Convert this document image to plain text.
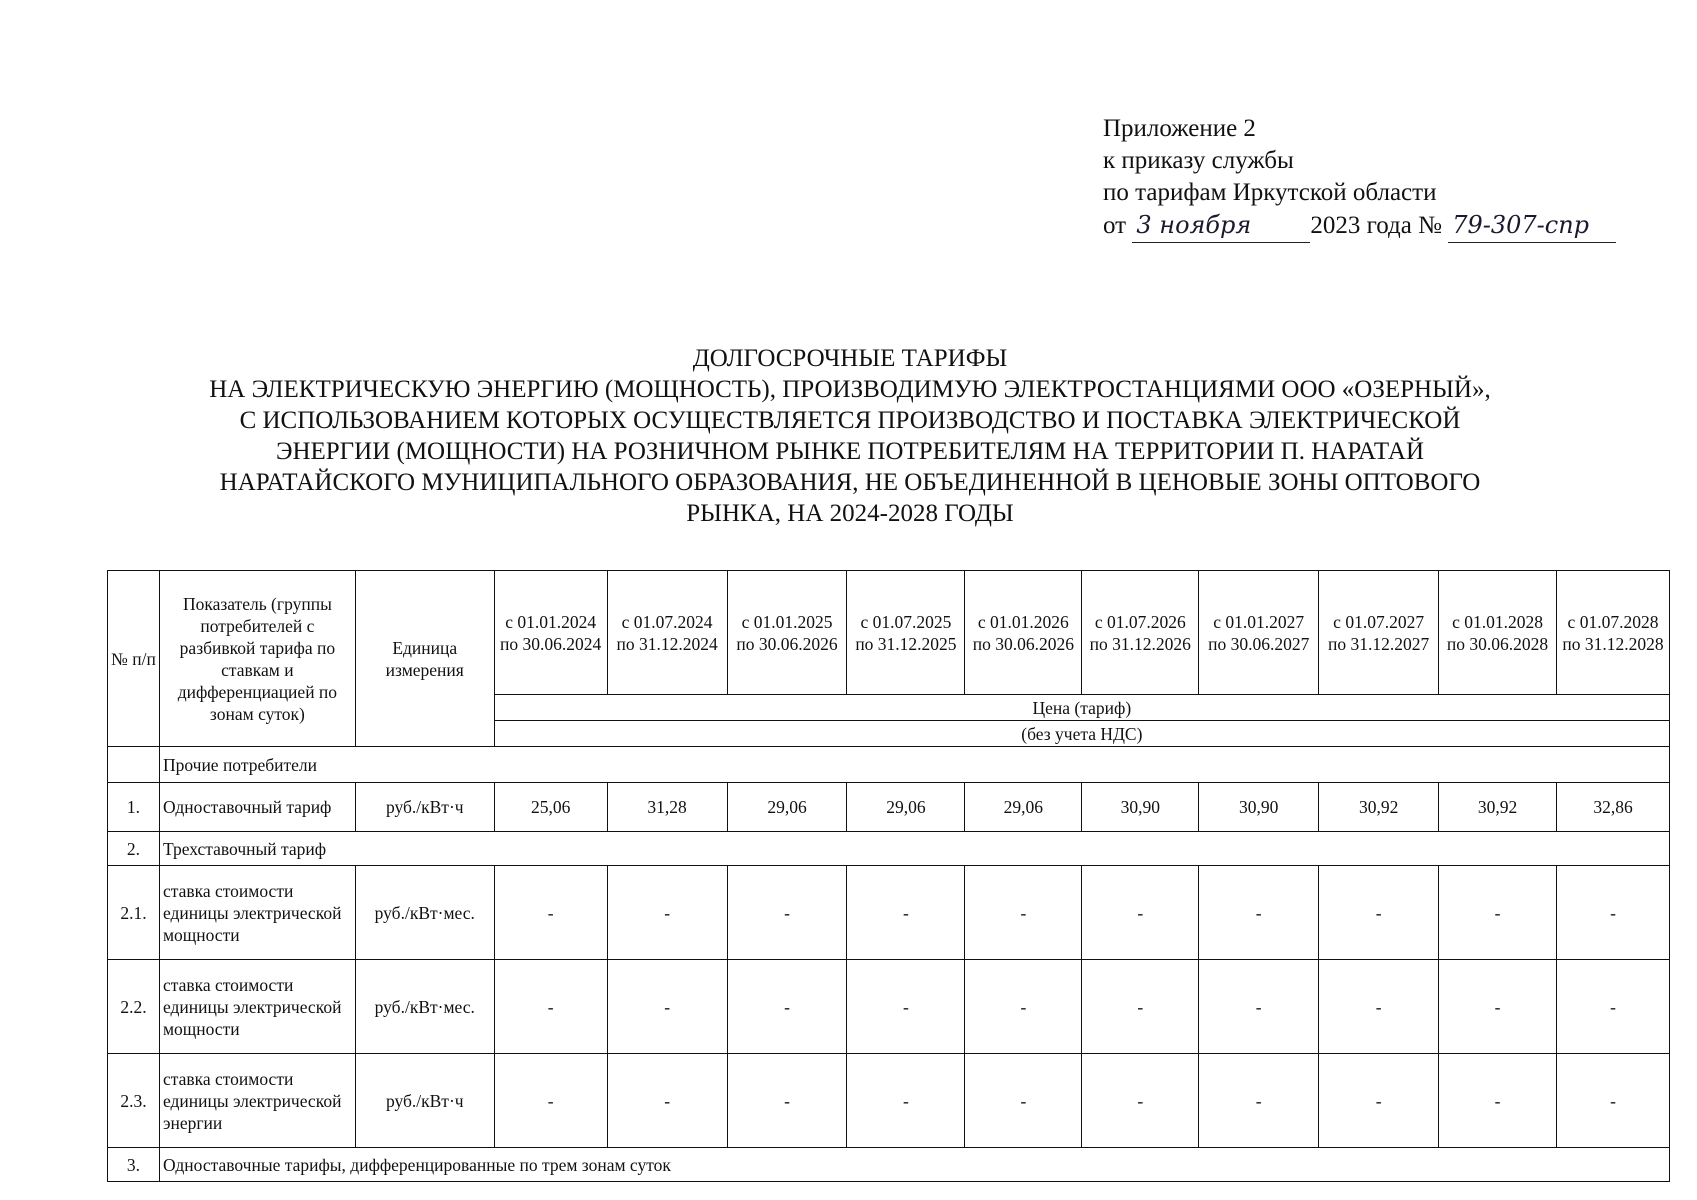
Приложение 2
к приказу службы
по тарифам Иркутской области
от 3 ноября 2023 года № 79-307-спр
ДОЛГОСРОЧНЫЕ ТАРИФЫ
НА ЭЛЕКТРИЧЕСКУЮ ЭНЕРГИЮ (МОЩНОСТЬ), ПРОИЗВОДИМУЮ ЭЛЕКТРОСТАНЦИЯМИ ООО «ОЗЕРНЫЙ»,
С ИСПОЛЬЗОВАНИЕМ КОТОРЫХ ОСУЩЕСТВЛЯЕТСЯ ПРОИЗВОДСТВО И ПОСТАВКА ЭЛЕКТРИЧЕСКОЙ
ЭНЕРГИИ (МОЩНОСТИ) НА РОЗНИЧНОМ РЫНКЕ ПОТРЕБИТЕЛЯМ НА ТЕРРИТОРИИ П. НАРАТАЙ
НАРАТАЙСКОГО МУНИЦИПАЛЬНОГО ОБРАЗОВАНИЯ, НЕ ОБЪЕДИНЕННОЙ В ЦЕНОВЫЕ ЗОНЫ ОПТОВОГО
РЫНКА, НА 2024-2028 ГОДЫ
№ п/п	Показатель (группы потребителей с разбивкой тарифа по ставкам и дифференциацией по зонам суток)	Единица измерения	с 01.01.2024 по 30.06.2024	с 01.07.2024 по 31.12.2024	с 01.01.2025 по 30.06.2026	с 01.07.2025 по 31.12.2025	с 01.01.2026 по 30.06.2026	с 01.07.2026 по 31.12.2026	с 01.01.2027 по 30.06.2027	с 01.07.2027 по 31.12.2027	с 01.01.2028 по 30.06.2028	с 01.07.2028 по 31.12.2028
			Цена (тариф)									
			(без учета НДС)									
	Прочие потребители											
1.	Одноставочный тариф	руб./кВт·ч	25,06	31,28	29,06	29,06	29,06	30,90	30,90	30,92	30,92	32,86
2.	Трехставочный тариф											
2.1.	ставка стоимости единицы электрической мощности	руб./кВт·мес.	-	-	-	-	-	-	-	-	-	-
2.2.	ставка стоимости единицы электрической мощности	руб./кВт·мес.	-	-	-	-	-	-	-	-	-	-
2.3.	ставка стоимости единицы электрической энергии	руб./кВт·ч	-	-	-	-	-	-	-	-	-	-
3.	Одноставочные тарифы, дифференцированные по трем зонам суток											
